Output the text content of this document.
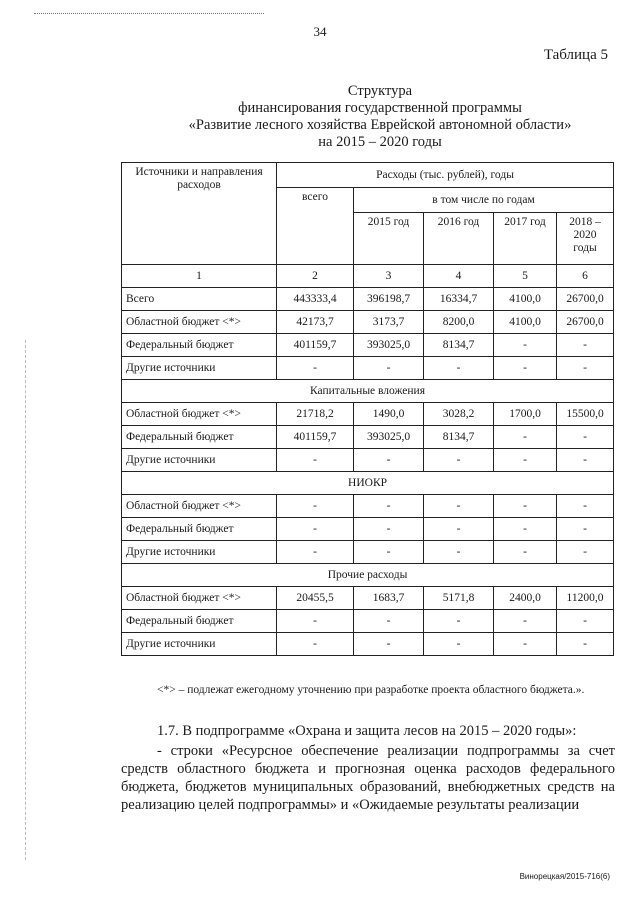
34
Таблица 5
Структура
финансирования государственной программы
«Развитие лесного хозяйства Еврейской автономной области»
на 2015 – 2020 годы
Источники и направления расходов	Расходы (тыс. рублей), годы				
	всего	в том числе по годам			
		2015 год	2016 год	2017 год	2018 – 2020 годы
1	2	3	4	5	6
Всего	443333,4	396198,7	16334,7	4100,0	26700,0
Областной бюджет <*>	42173,7	3173,7	8200,0	4100,0	26700,0
Федеральный бюджет	401159,7	393025,0	8134,7	-	-
Другие источники	-	-	-	-	-
Капитальные вложения					
Областной бюджет <*>	21718,2	1490,0	3028,2	1700,0	15500,0
Федеральный бюджет	401159,7	393025,0	8134,7	-	-
Другие источники	-	-	-	-	-
НИОКР					
Областной бюджет <*>	-	-	-	-	-
Федеральный бюджет	-	-	-	-	-
Другие источники	-	-	-	-	-
Прочие расходы					
Областной бюджет <*>	20455,5	1683,7	5171,8	2400,0	11200,0
Федеральный бюджет	-	-	-	-	-
Другие источники	-	-	-	-	-
<*> – подлежат ежегодному уточнению при разработке проекта областного бюджета.».
1.7. В подпрограмме «Охрана и защита лесов на 2015 – 2020 годы»:
- строки «Ресурсное обеспечение реализации подпрограммы за счет средств областного бюджета и прогнозная оценка расходов федерального бюджета, бюджетов муниципальных образований, внебюджетных средств на реализацию целей подпрограммы» и «Ожидаемые результаты реализации
Винорецкая/2015-716(6)
